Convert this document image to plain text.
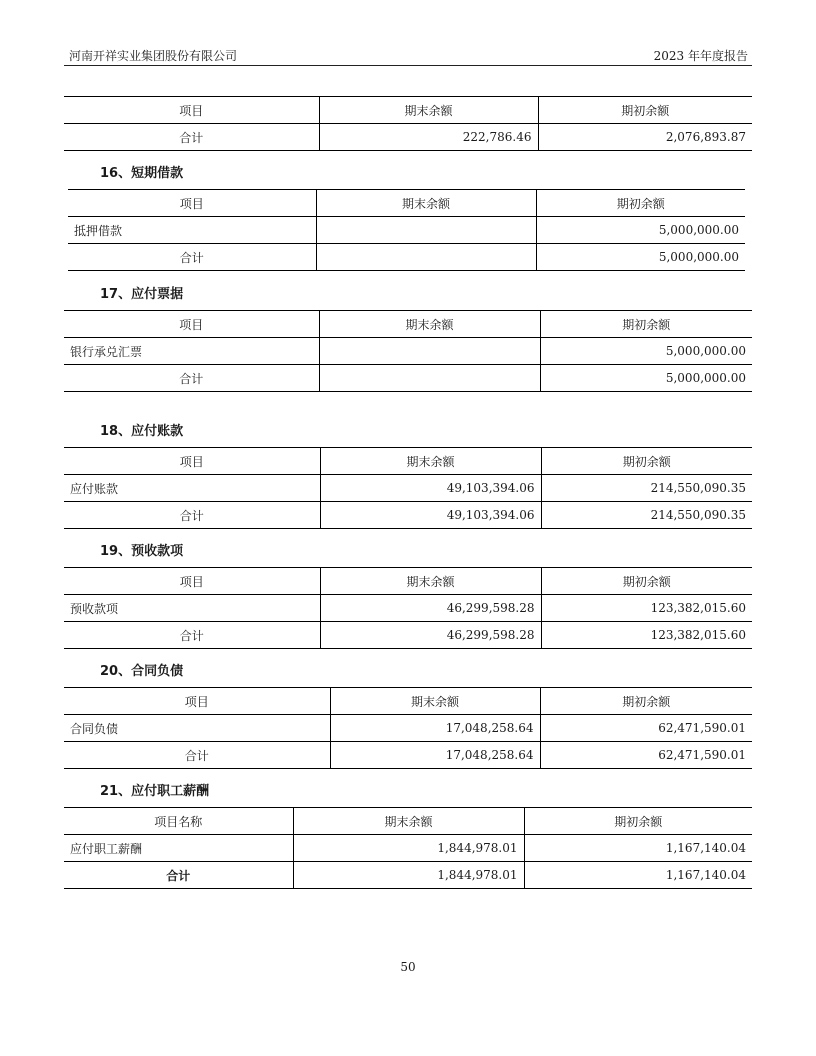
河南开祥实业集团股份有限公司	2023 年年度报告
项目	期末余额	期初余额
合计	222,786.46	2,076,893.87
16、短期借款
项目	期末余额	期初余额
抵押借款		5,000,000.00
合计		5,000,000.00
17、应付票据
项目	期末余额	期初余额
银行承兑汇票		5,000,000.00
合计		5,000,000.00
18、应付账款
项目	期末余额	期初余额
应付账款	49,103,394.06	214,550,090.35
合计	49,103,394.06	214,550,090.35
19、预收款项
项目	期末余额	期初余额
预收款项	46,299,598.28	123,382,015.60
合计	46,299,598.28	123,382,015.60
20、合同负债
项目	期末余额	期初余额
合同负债	17,048,258.64	62,471,590.01
合计	17,048,258.64	62,471,590.01
21、应付职工薪酬
项目名称	期末余额	期初余额
应付职工薪酬	1,844,978.01	1,167,140.04
合计	1,844,978.01	1,167,140.04
50
